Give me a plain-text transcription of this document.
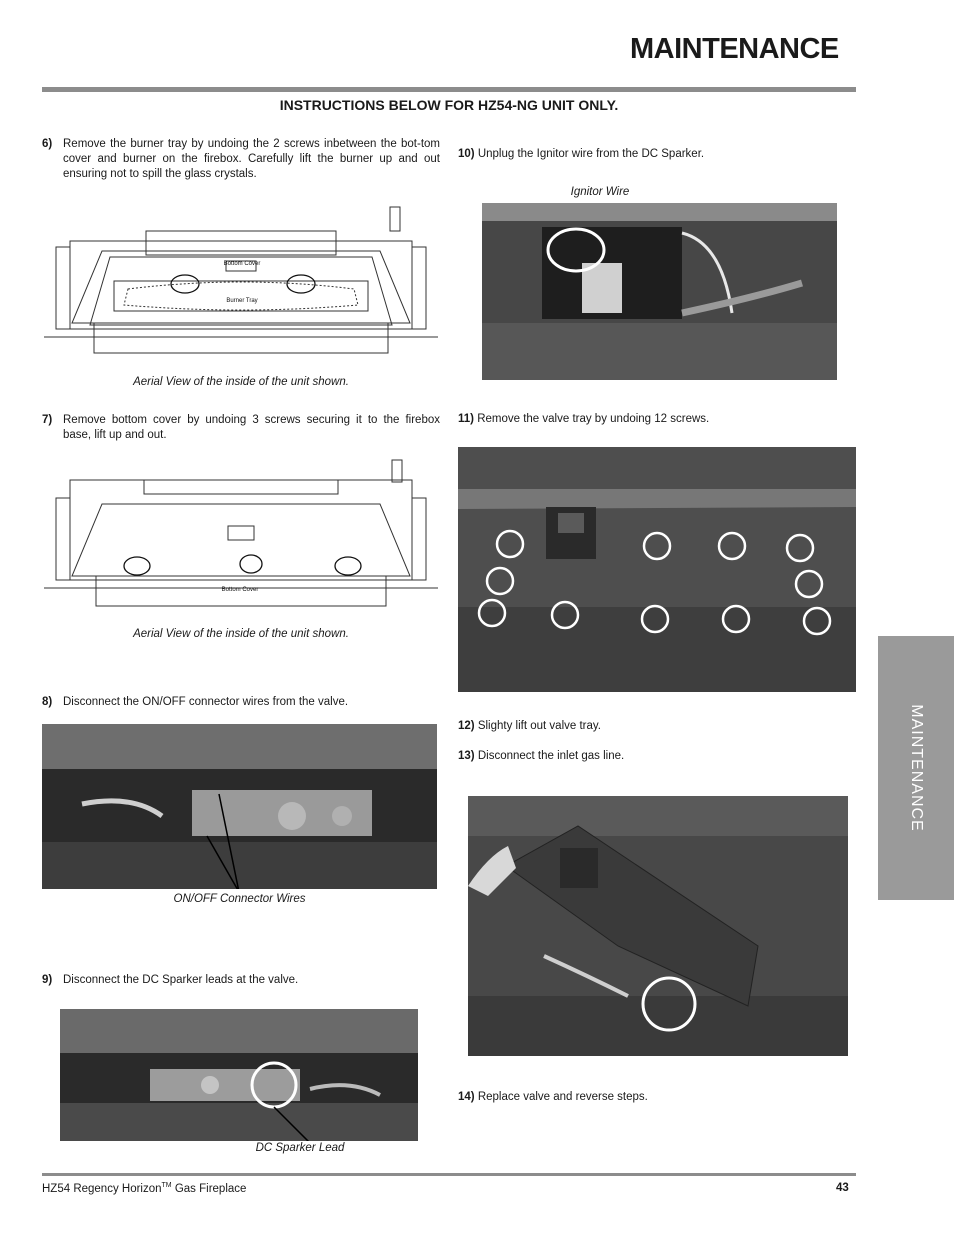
MAINTENANCE
INSTRUCTIONS BELOW FOR HZ54-NG UNIT ONLY.
6) Remove the burner tray by undoing the 2 screws inbetween the bot-tom cover and burner on the firebox. Carefully lift the burner up and out ensuring not to spill the glass crystals.
Bottom Cover
Burner Tray
Aerial View of the inside of the unit shown.
7) Remove bottom cover by undoing 3 screws securing it to the firebox base, lift up and out.
Bottom Cover
Aerial View of the inside of the unit shown.
8) Disconnect the ON/OFF connector wires from the valve.
ON/OFF Connector Wires
9) Disconnect the DC Sparker leads at the valve.
DC Sparker Lead
10) Unplug the Ignitor wire from the DC Sparker.
Ignitor Wire
11) Remove the valve tray by undoing 12 screws.
12) Slighty lift out valve tray.
13) Disconnect the inlet gas line.
14) Replace valve and reverse steps.
MAINTENANCE
HZ54 Regency Horizon™ Gas Fireplace	43
